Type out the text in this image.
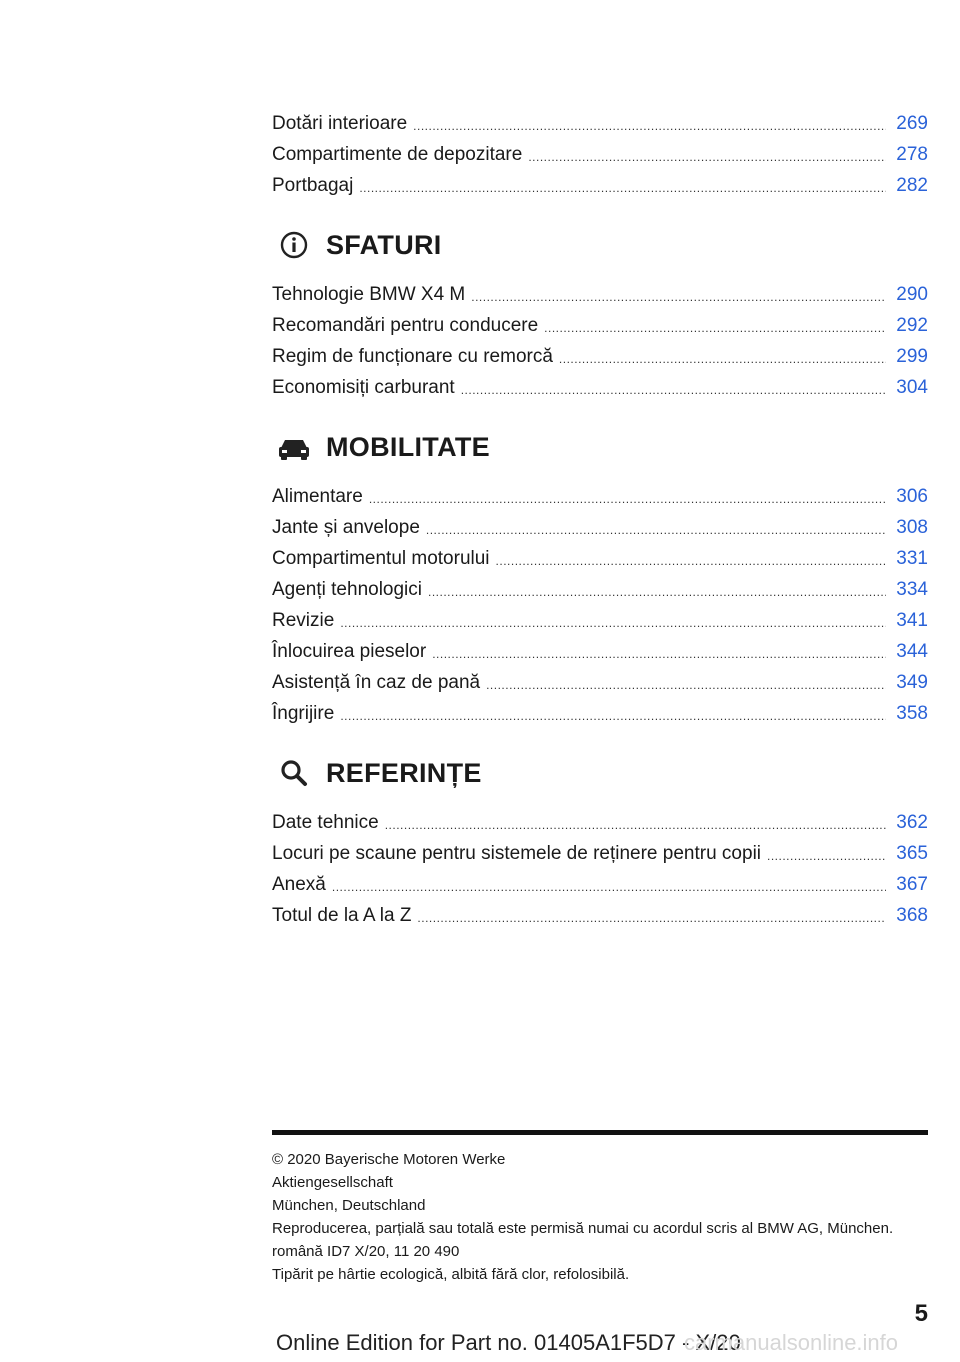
Dotări interioare .....	269
Compartimente de depozitare .....	278
Portbagaj .....	282
SFATURI
Tehnologie BMW X4 M .....	290
Recomandări pentru conducere .....	292
Regim de funcționare cu remorcă .....	299
Economisiți carburant .....	304
MOBILITATE
Alimentare .....	306
Jante și anvelope .....	308
Compartimentul motorului .....	331
Agenți tehnologici .....	334
Revizie .....	341
Înlocuirea pieselor .....	344
Asistență în caz de pană .....	349
Îngrijire .....	358
REFERINȚE
Date tehnice .....	362
Locuri pe scaune pentru sistemele de reținere pentru copii .....	365
Anexă .....	367
Totul de la A la Z .....	368
© 2020 Bayerische Motoren Werke
Aktiengesellschaft
München, Deutschland
Reproducerea, parțială sau totală este permisă numai cu acordul scris al BMW AG, München.
română ID7 X/20, 11 20 490
Tipărit pe hârtie ecologică, albită fără clor, refolosibilă.
5
Online Edition for Part no. 01405A1F5D7 - X/20
carmanualsonline.info
